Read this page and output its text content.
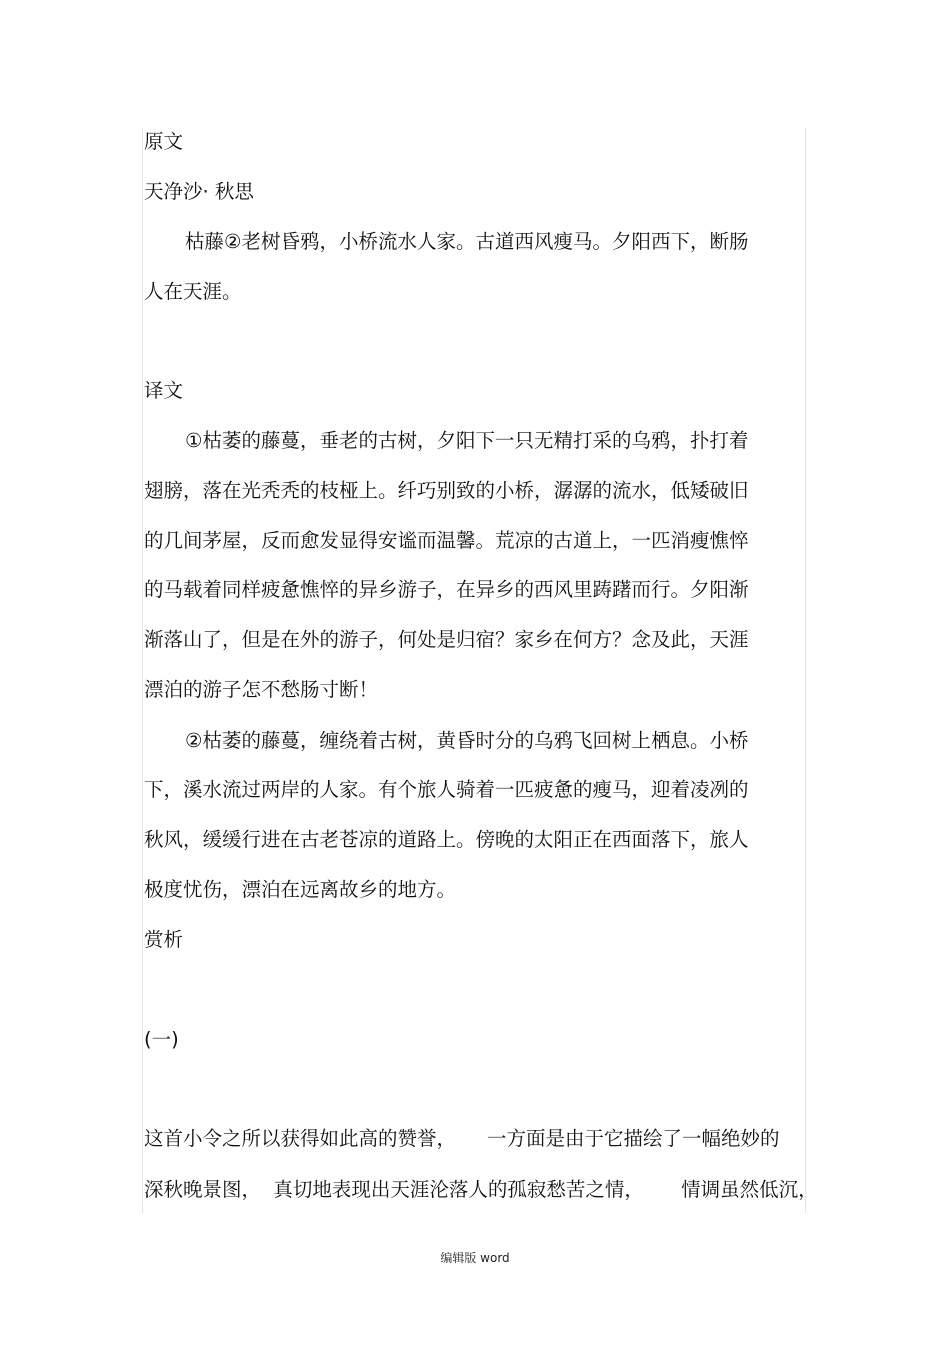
原文
天净沙· 秋思
枯藤②老树昏鸦，小桥流水人家。古道西风瘦马。夕阳西下，断肠
人在天涯。
译文
①枯萎的藤蔓，垂老的古树，夕阳下一只无精打采的乌鸦，扑打着
翅膀，落在光秃秃的枝桠上。纤巧别致的小桥，潺潺的流水，低矮破旧
的几间茅屋，反而愈发显得安谧而温馨。荒凉的古道上，一匹消瘦憔悴
的马载着同样疲惫憔悴的异乡游子，在异乡的西风里踌躇而行。夕阳渐
渐落山了，但是在外的游子，何处是归宿？家乡在何方？念及此，天涯
漂泊的游子怎不愁肠寸断！
②枯萎的藤蔓，缠绕着古树，黄昏时分的乌鸦飞回树上栖息。小桥
下，溪水流过两岸的人家。有个旅人骑着一匹疲惫的瘦马，迎着凌冽的
秋风，缓缓行进在古老苍凉的道路上。傍晚的太阳正在西面落下，旅人
极度忧伤，漂泊在远离故乡的地方。
赏析
(一)
这首小令之所以获得如此高的赞誉，     一方面是由于它描绘了一幅绝妙的
深秋晚景图，  真切地表现出天涯沦落人的孤寂愁苦之情，      情调虽然低沉，
编辑版 word
